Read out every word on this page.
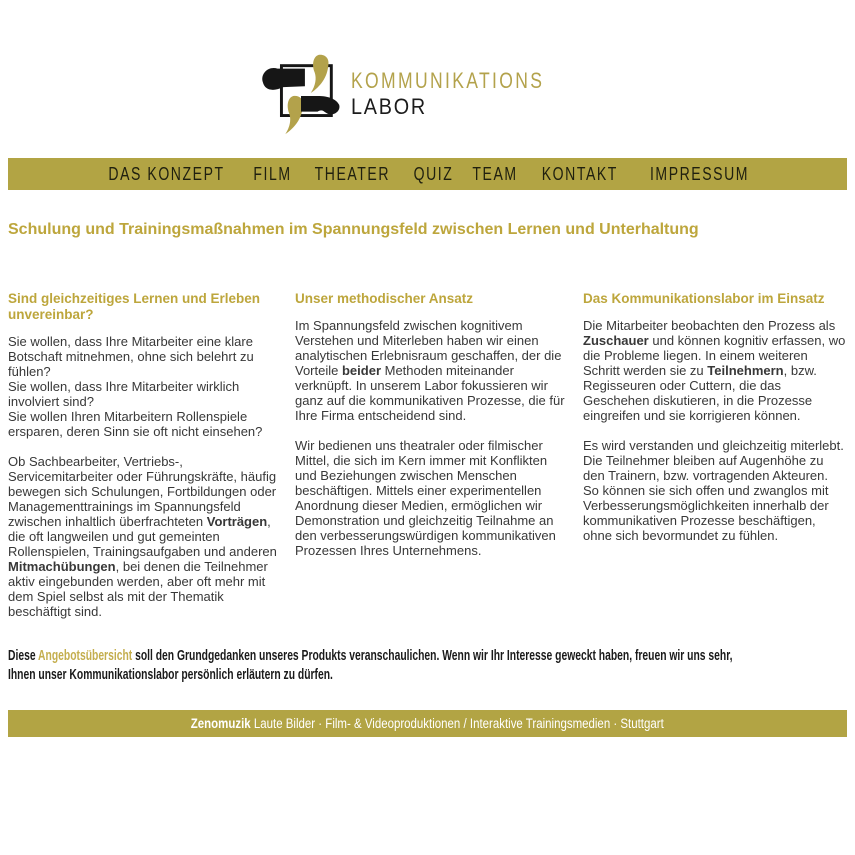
KOMMUNIKATIONS
LABOR
DAS KONZEPT FILM THEATER QUIZ TEAM KONTAKT IMPRESSUM
Schulung und Trainingsmaßnahmen im Spannungsfeld zwischen Lernen und Unterhaltung
Sind gleichzeitiges Lernen und Erleben unvereinbar?

Sie wollen, dass Ihre Mitarbeiter eine klare Botschaft mitnehmen, ohne sich belehrt zu fühlen?
Sie wollen, dass Ihre Mitarbeiter wirklich involviert sind?
Sie wollen Ihren Mitarbeitern Rollenspiele ersparen, deren Sinn sie oft nicht einsehen?

Ob Sachbearbeiter, Vertriebs-, Servicemitarbeiter oder Führungskräfte, häufig bewegen sich Schulungen, Fortbildungen oder Managementtrainings im Spannungsfeld zwischen inhaltlich überfrachteten Vorträgen, die oft langweilen und gut gemeinten Rollenspielen, Trainingsaufgaben und anderen Mitmachübungen, bei denen die Teilnehmer aktiv eingebunden werden, aber oft mehr mit dem Spiel selbst als mit der Thematik beschäftigt sind.

Unser methodischer Ansatz

Im Spannungsfeld zwischen kognitivem Verstehen und Miterleben haben wir einen analytischen Erlebnisraum geschaffen, der die Vorteile beider Methoden miteinander verknüpft. In unserem Labor fokussieren wir ganz auf die kommunikativen Prozesse, die für Ihre Firma entscheidend sind.

Wir bedienen uns theatraler oder filmischer Mittel, die sich im Kern immer mit Konflikten und Beziehungen zwischen Menschen beschäftigen. Mittels einer experimentellen Anordnung dieser Medien, ermöglichen wir Demonstration und gleichzeitig Teilnahme an den verbesserungswürdigen kommunikativen Prozessen Ihres Unternehmens.

Das Kommunikationslabor im Einsatz

Die Mitarbeiter beobachten den Prozess als Zuschauer und können kognitiv erfassen, wo die Probleme liegen. In einem weiteren Schritt werden sie zu Teilnehmern, bzw. Regisseuren oder Cuttern, die das Geschehen diskutieren, in die Prozesse eingreifen und sie korrigieren können.

Es wird verstanden und gleichzeitig miterlebt. Die Teilnehmer bleiben auf Augenhöhe zu den Trainern, bzw. vortragenden Akteuren. So können sie sich offen und zwanglos mit Verbesserungsmöglichkeiten innerhalb der kommunikativen Prozesse beschäftigen, ohne sich bevormundet zu fühlen.

Diese Angebotsübersicht soll den Grundgedanken unseres Produkts veranschaulichen. Wenn wir Ihr Interesse geweckt haben, freuen wir uns sehr,
Ihnen unser Kommunikationslabor persönlich erläutern zu dürfen.

Zenomuzik Laute Bilder · Film- & Videoproduktionen / Interaktive Trainingsmedien · Stuttgart
